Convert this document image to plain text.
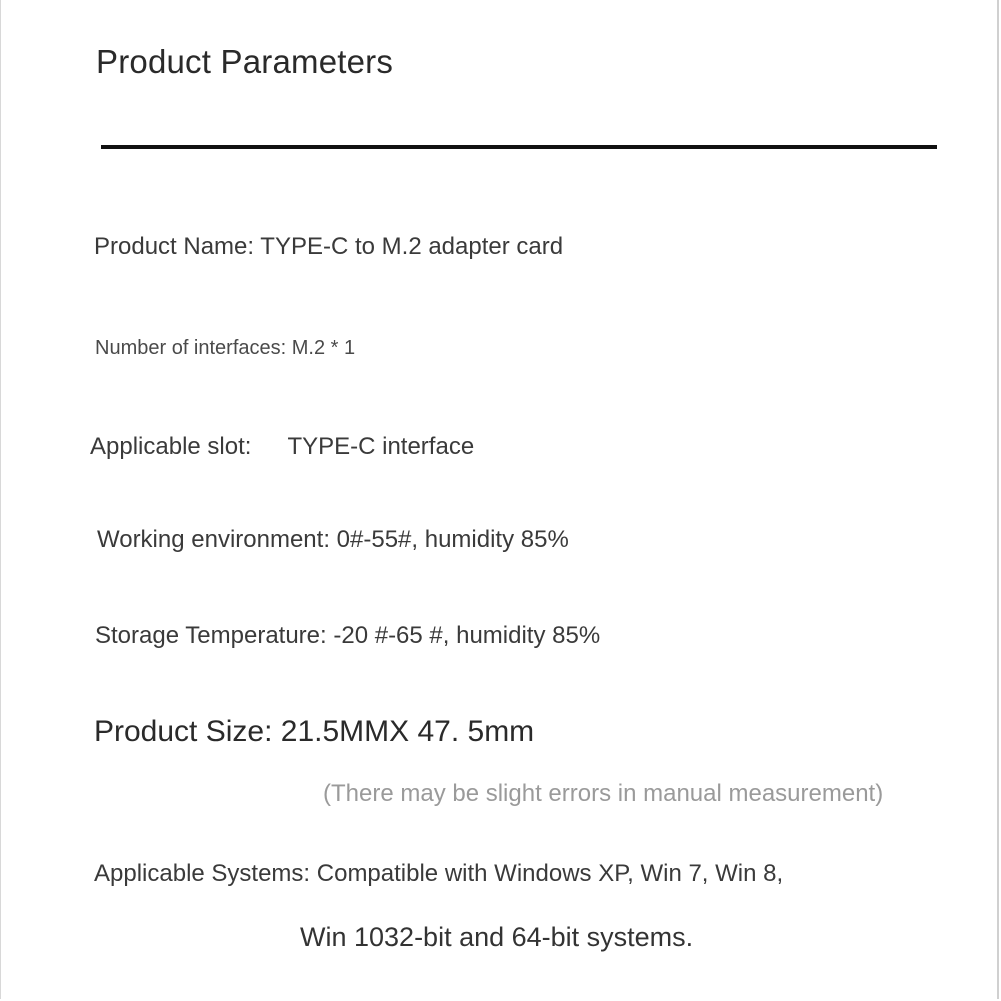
Product Parameters
Product Name: TYPE-C to M.2 adapter card
Number of interfaces: M.2 * 1
Applicable slot: TYPE-C interface
Working environment: 0#-55#, humidity 85%
Storage Temperature: -20 #-65 #, humidity 85%
Product Size: 21.5MMX 47. 5mm
(There may be slight errors in manual measurement)
Applicable Systems: Compatible with Windows XP, Win 7, Win 8,
Win 1032-bit and 64-bit systems.
